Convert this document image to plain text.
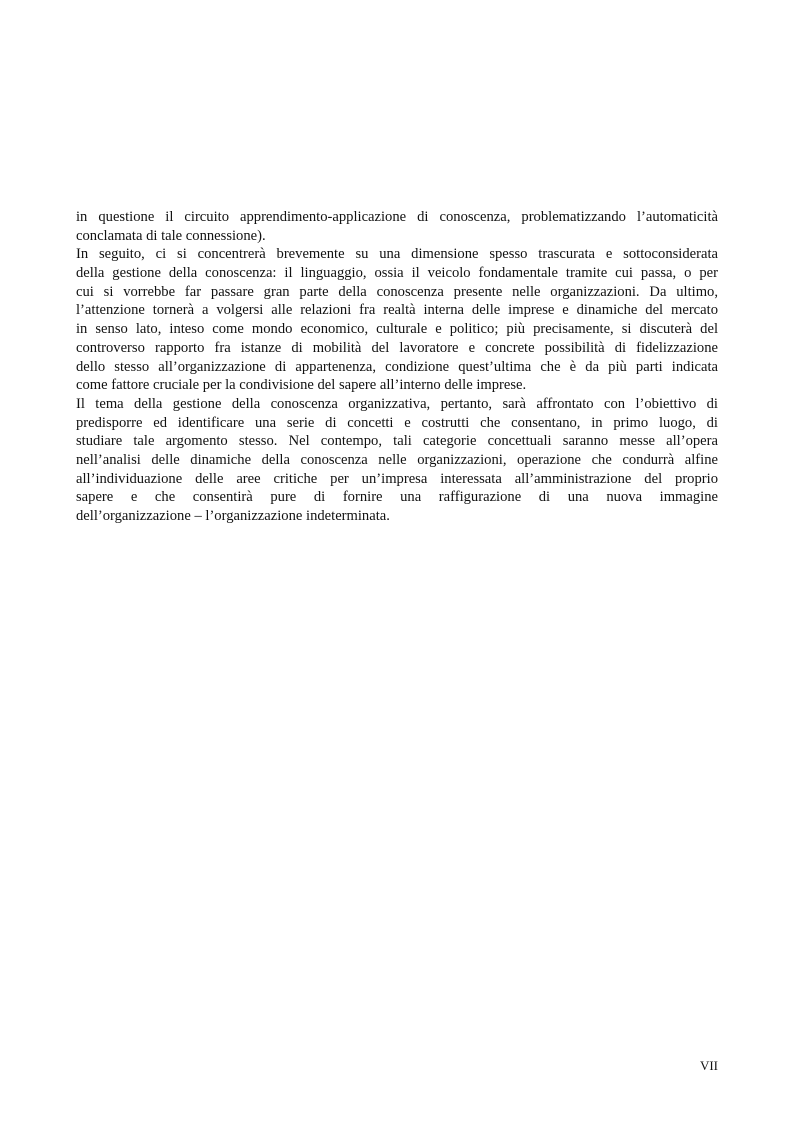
in questione il circuito apprendimento-applicazione di conoscenza, problematizzando l’automaticità
conclamata di tale connessione).
In seguito, ci si concentrerà brevemente su una dimensione spesso trascurata e sottoconsiderata
della gestione della conoscenza: il linguaggio, ossia il veicolo fondamentale tramite cui passa, o per
cui si vorrebbe far passare gran parte della conoscenza presente nelle organizzazioni. Da ultimo,
l’attenzione tornerà a volgersi alle relazioni fra realtà interna delle imprese e dinamiche del mercato
in senso lato, inteso come mondo economico, culturale e politico; più precisamente, si discuterà del
controverso rapporto fra istanze di mobilità del lavoratore e concrete possibilità di fidelizzazione
dello stesso all’organizzazione di appartenenza, condizione quest’ultima che è da più parti indicata
come fattore cruciale per la condivisione del sapere all’interno delle imprese.
Il tema della gestione della conoscenza organizzativa, pertanto, sarà affrontato con l’obiettivo di
predisporre ed identificare una serie di concetti e costrutti che consentano, in primo luogo, di
studiare tale argomento stesso. Nel contempo, tali categorie concettuali saranno messe all’opera
nell’analisi delle dinamiche della conoscenza nelle organizzazioni, operazione che condurrà alfine
all’individuazione delle aree critiche per un’impresa interessata all’amministrazione del proprio
sapere e che consentirà pure di fornire una raffigurazione di una nuova immagine
dell’organizzazione – l’organizzazione indeterminata.
VII
